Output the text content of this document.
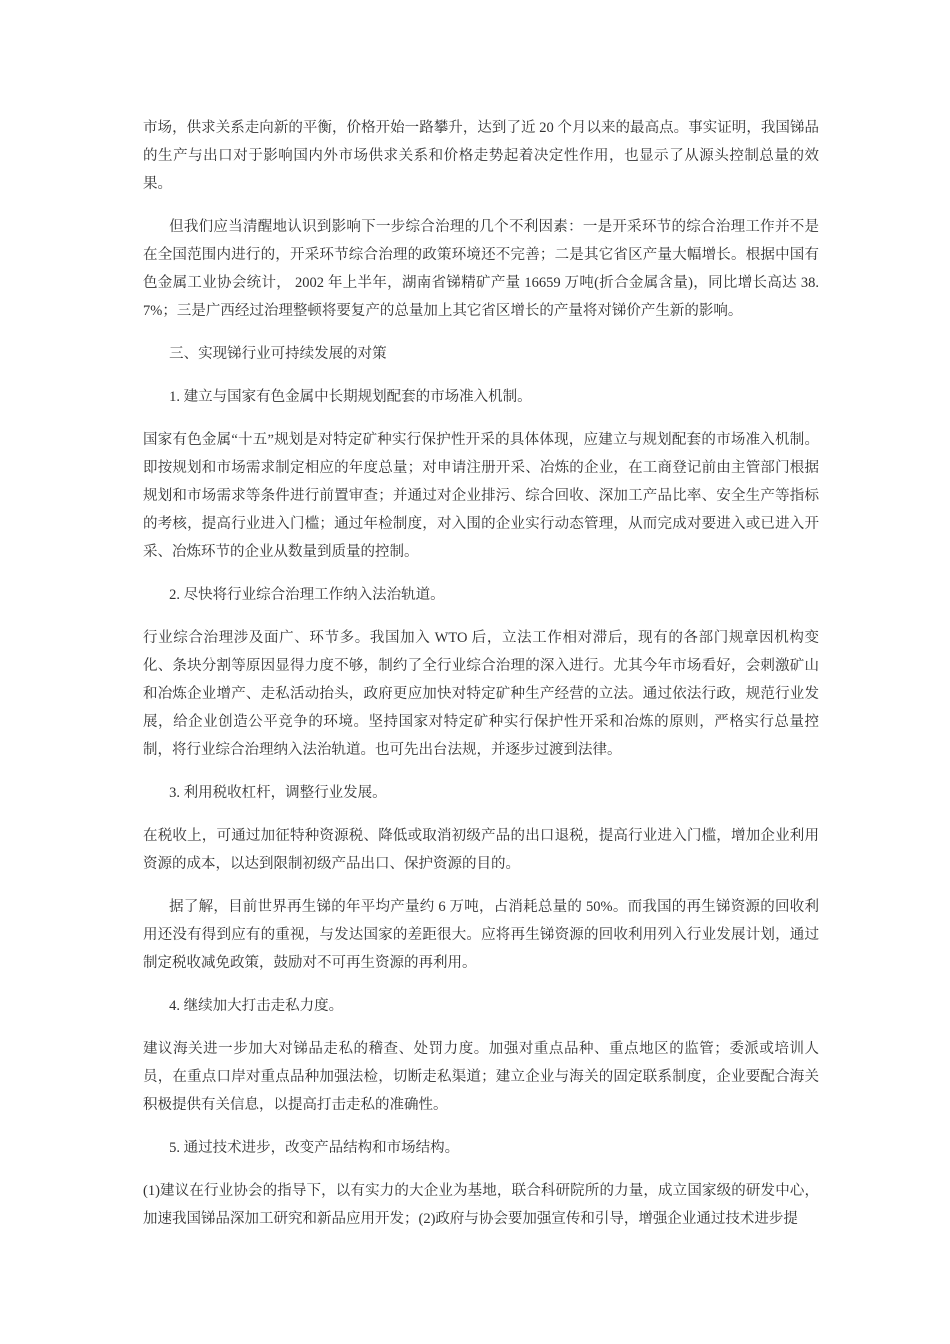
市场，供求关系走向新的平衡，价格开始一路攀升，达到了近 20 个月以来的最高点。事实证明，我国锑品的生产与出口对于影响国内外市场供求关系和价格走势起着决定性作用，也显示了从源头控制总量的效果。

但我们应当清醒地认识到影响下一步综合治理的几个不利因素：一是开采环节的综合治理工作并不是在全国范围内进行的，开采环节综合治理的政策环境还不完善；二是其它省区产量大幅增长。根据中国有色金属工业协会统计， 2002 年上半年，湖南省锑精矿产量 16659 万吨(折合金属含量)，同比增长高达 38.7%；三是广西经过治理整顿将要复产的总量加上其它省区增长的产量将对锑价产生新的影响。

三、实现锑行业可持续发展的对策

1. 建立与国家有色金属中长期规划配套的市场准入机制。

国家有色金属“十五”规划是对特定矿种实行保护性开采的具体体现，应建立与规划配套的市场准入机制。即按规划和市场需求制定相应的年度总量；对申请注册开采、冶炼的企业，在工商登记前由主管部门根据规划和市场需求等条件进行前置审查；并通过对企业排污、综合回收、深加工产品比率、安全生产等指标的考核，提高行业进入门槛；通过年检制度，对入围的企业实行动态管理，从而完成对要进入或已进入开采、冶炼环节的企业从数量到质量的控制。

2. 尽快将行业综合治理工作纳入法治轨道。

行业综合治理涉及面广、环节多。我国加入 WTO 后，立法工作相对滞后，现有的各部门规章因机构变化、条块分割等原因显得力度不够，制约了全行业综合治理的深入进行。尤其今年市场看好，会刺激矿山和冶炼企业增产、走私活动抬头，政府更应加快对特定矿种生产经营的立法。通过依法行政，规范行业发展，给企业创造公平竞争的环境。坚持国家对特定矿种实行保护性开采和冶炼的原则，严格实行总量控制，将行业综合治理纳入法治轨道。也可先出台法规，并逐步过渡到法律。

3. 利用税收杠杆，调整行业发展。

在税收上，可通过加征特种资源税、降低或取消初级产品的出口退税，提高行业进入门槛，增加企业利用资源的成本，以达到限制初级产品出口、保护资源的目的。

据了解，目前世界再生锑的年平均产量约 6 万吨，占消耗总量的 50%。而我国的再生锑资源的回收利用还没有得到应有的重视，与发达国家的差距很大。应将再生锑资源的回收利用列入行业发展计划，通过制定税收减免政策，鼓励对不可再生资源的再利用。

4. 继续加大打击走私力度。

建议海关进一步加大对锑品走私的稽查、处罚力度。加强对重点品种、重点地区的监管；委派或培训人员，在重点口岸对重点品种加强法检，切断走私渠道；建立企业与海关的固定联系制度，企业要配合海关积极提供有关信息，以提高打击走私的准确性。

5. 通过技术进步，改变产品结构和市场结构。

(1)建议在行业协会的指导下，以有实力的大企业为基地，联合科研院所的力量，成立国家级的研发中心，加速我国锑品深加工研究和新品应用开发；(2)政府与协会要加强宣传和引导，增强企业通过技术进步提
